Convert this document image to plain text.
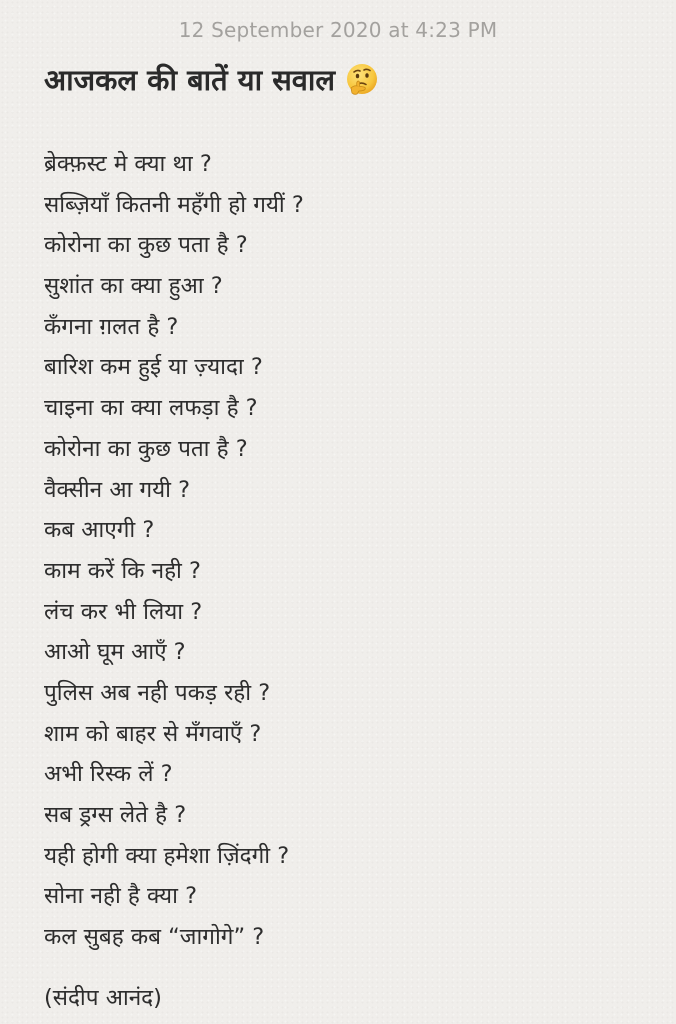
12 September 2020 at 4:23 PM
आजकल की बातें या सवाल
ब्रेक्फ़स्ट मे क्या था ?
सब्ज़ियाँ कितनी महँगी हो गयीं ?
कोरोना का कुछ पता है ?
सुशांत का क्या हुआ ?
कँगना ग़लत है ?
बारिश कम हुई या ज़्यादा ?
चाइना का क्या लफड़ा है ?
कोरोना का कुछ पता है ?
वैक्सीन आ गयी ?
कब आएगी ?
काम करें कि नही ?
लंच कर भी लिया ?
आओ घूम आएँ ?
पुलिस अब नही पकड़ रही ?
शाम को बाहर से मँगवाएँ ?
अभी रिस्क लें ?
सब ड्रग्स लेते है ?
यही होगी क्या हमेशा ज़िंदगी ?
सोना नही है क्या ?
कल सुबह कब “जागोगे” ?
(संदीप आनंद)
